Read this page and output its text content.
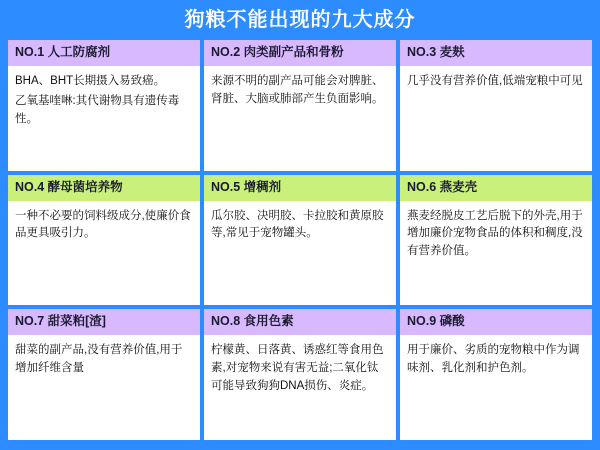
狗粮不能出现的九大成分
NO.1 人工防腐剂

BHA、BHT长期摄入易致癌。

乙氧基喹啉:其代谢物具有遗传毒性。

NO.2 肉类副产品和骨粉

来源不明的副产品可能会对脾脏、肾脏、大脑或肺部产生负面影响。

NO.3 麦麸

几乎没有营养价值,低端宠粮中可见

NO.4 酵母菌培养物

一种不必要的饲料级成分,使廉价食品更具吸引力。

NO.5 增稠剂

瓜尔胶、决明胶、卡拉胶和黄原胶等,常见于宠物罐头。

NO.6 燕麦壳

燕麦经脱皮工艺后脱下的外壳,用于增加廉价宠物食品的体积和稠度,没有营养价值。

NO.7 甜菜粕[渣]

甜菜的副产品,没有营养价值,用于增加纤维含量

NO.8 食用色素

柠檬黄、日落黄、诱惑红等食用色素,对宠物来说有害无益;二氧化钛可能导致狗狗DNA损伤、炎症。

NO.9 磷酸

用于廉价、劣质的宠物粮中作为调味剂、乳化剂和护色剂。
